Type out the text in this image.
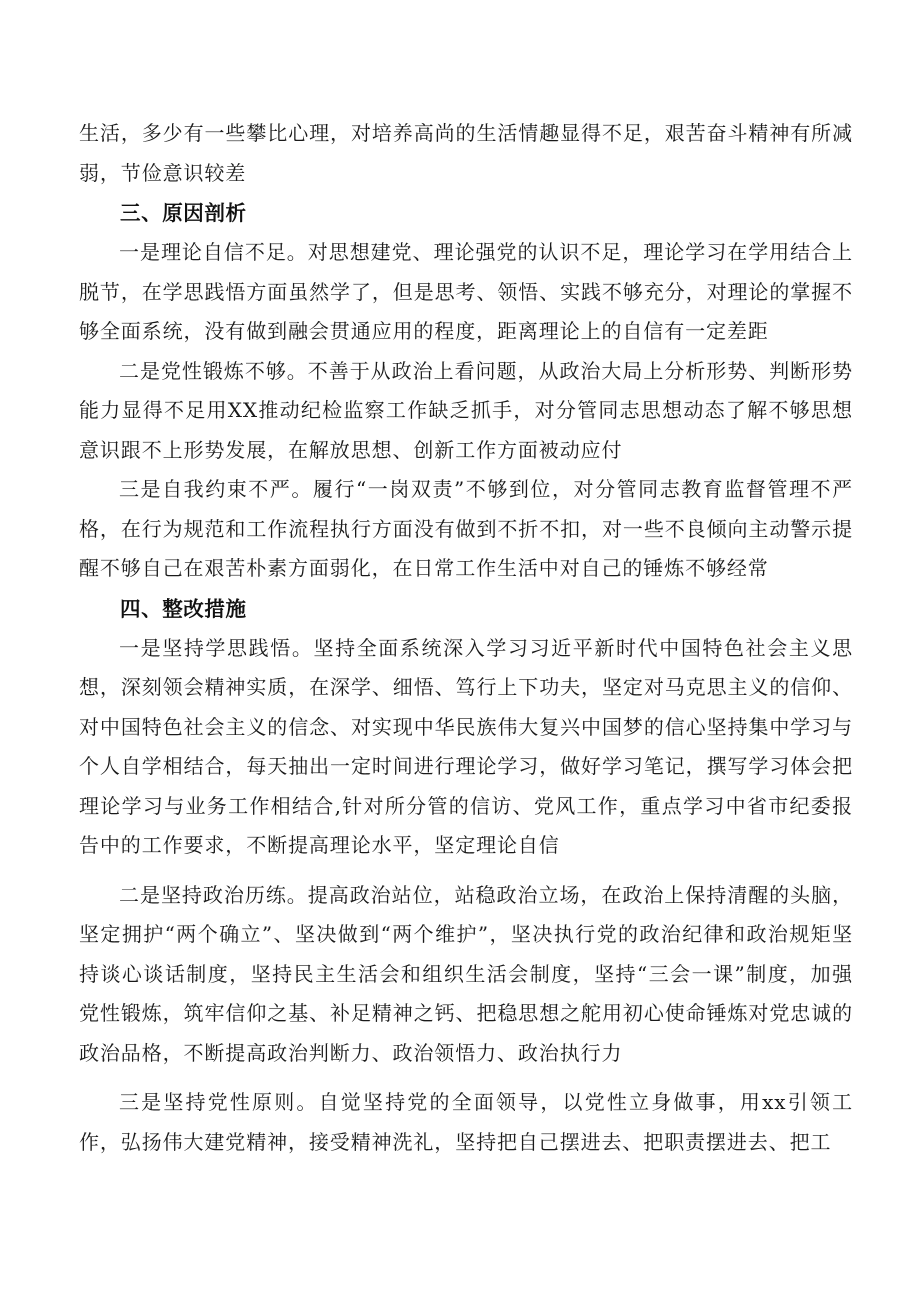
生活，多少有一些攀比心理，对培养高尚的生活情趣显得不足，艰苦奋斗精神有所减弱，节俭意识较差

三、原因剖析

一是理论自信不足。对思想建党、理论强党的认识不足，理论学习在学用结合上脱节，在学思践悟方面虽然学了，但是思考、领悟、实践不够充分，对理论的掌握不够全面系统，没有做到融会贯通应用的程度，距离理论上的自信有一定差距

二是党性锻炼不够。不善于从政治上看问题，从政治大局上分析形势、判断形势能力显得不足用XX推动纪检监察工作缺乏抓手，对分管同志思想动态了解不够思想意识跟不上形势发展，在解放思想、创新工作方面被动应付

三是自我约束不严。履行“一岗双责”不够到位，对分管同志教育监督管理不严格，在行为规范和工作流程执行方面没有做到不折不扣，对一些不良倾向主动警示提醒不够自己在艰苦朴素方面弱化，在日常工作生活中对自己的锤炼不够经常

四、整改措施

一是坚持学思践悟。坚持全面系统深入学习习近平新时代中国特色社会主义思想，深刻领会精神实质，在深学、细悟、笃行上下功夫，坚定对马克思主义的信仰、对中国特色社会主义的信念、对实现中华民族伟大复兴中国梦的信心坚持集中学习与个人自学相结合，每天抽出一定时间进行理论学习，做好学习笔记，撰写学习体会把理论学习与业务工作相结合,针对所分管的信访、党风工作，重点学习中省市纪委报告中的工作要求，不断提高理论水平，坚定理论自信

二是坚持政治历练。提高政治站位，站稳政治立场，在政治上保持清醒的头脑，坚定拥护“两个确立”、坚决做到“两个维护”，坚决执行党的政治纪律和政治规矩坚持谈心谈话制度，坚持民主生活会和组织生活会制度，坚持“三会一课”制度，加强党性锻炼，筑牢信仰之基、补足精神之钙、把稳思想之舵用初心使命锤炼对党忠诚的政治品格，不断提高政治判断力、政治领悟力、政治执行力

三是坚持党性原则。自觉坚持党的全面领导，以党性立身做事，用xx引领工作，弘扬伟大建党精神，接受精神洗礼，坚持把自己摆进去、把职责摆进去、把工
